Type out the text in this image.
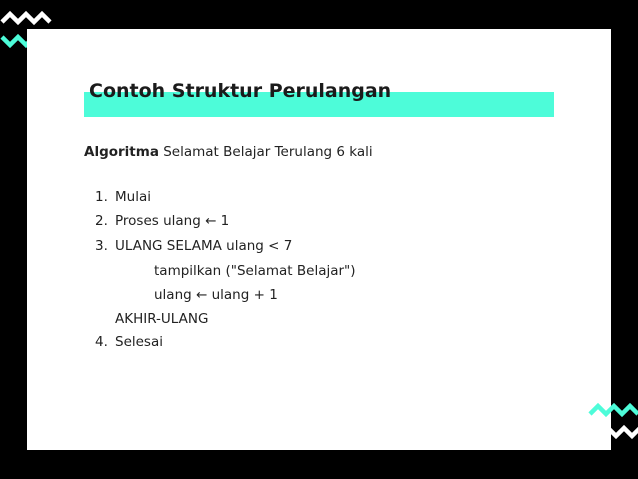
Contoh Struktur Perulangan
Algoritma Selamat Belajar Terulang 6 kali
1. Mulai
2. Proses ulang ← 1
3. ULANG SELAMA ulang < 7
tampilkan ("Selamat Belajar")
ulang ← ulang + 1
AKHIR-ULANG
4. Selesai
